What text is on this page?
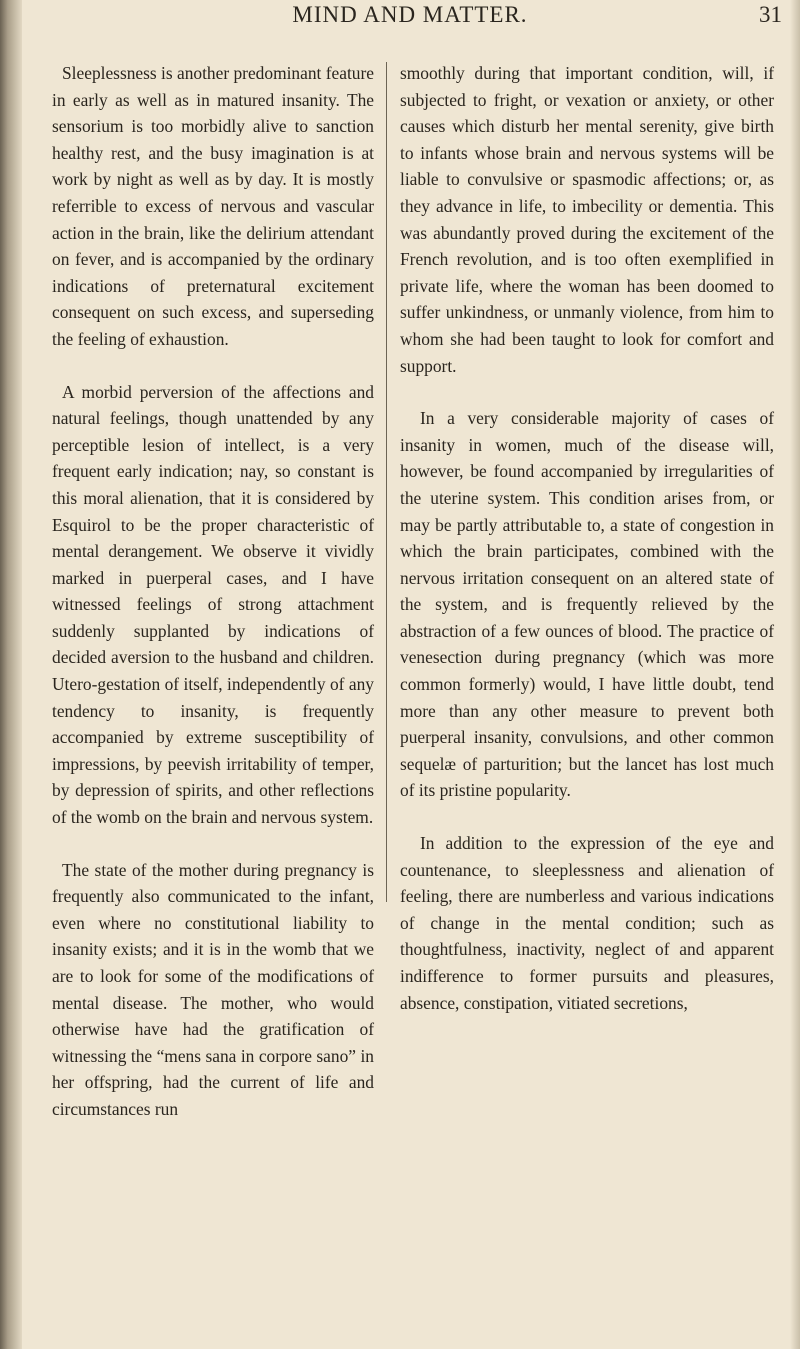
MIND AND MATTER.	31

Sleeplessness is another predominant feature in early as well as in matured insanity. The sensorium is too morbidly alive to sanction healthy rest, and the busy imagination is at work by night as well as by day. It is mostly referrible to excess of nervous and vascular action in the brain, like the delirium attendant on fever, and is accompanied by the ordinary indications of preternatural excitement consequent on such excess, and superseding the feeling of exhaustion.

A morbid perversion of the affections and natural feelings, though unattended by any perceptible lesion of intellect, is a very frequent early indication; nay, so constant is this moral alienation, that it is considered by Esquirol to be the proper characteristic of mental derangement. We observe it vividly marked in puerperal cases, and I have witnessed feelings of strong attachment suddenly supplanted by indications of decided aversion to the husband and children. Utero-gestation of itself, independently of any tendency to insanity, is frequently accompanied by extreme susceptibility of impressions, by peevish irritability of temper, by depression of spirits, and other reflections of the womb on the brain and nervous system.

The state of the mother during pregnancy is frequently also communicated to the infant, even where no constitutional liability to insanity exists; and it is in the womb that we are to look for some of the modifications of mental disease. The mother, who would otherwise have had the gratification of witnessing the “mens sana in corpore sano” in her offspring, had the current of life and circumstances run

smoothly during that important condition, will, if subjected to fright, or vexation or anxiety, or other causes which disturb her mental serenity, give birth to infants whose brain and nervous systems will be liable to convulsive or spasmodic affections; or, as they advance in life, to imbecility or dementia. This was abundantly proved during the excitement of the French revolution, and is too often exemplified in private life, where the woman has been doomed to suffer unkindness, or unmanly violence, from him to whom she had been taught to look for comfort and support.

In a very considerable majority of cases of insanity in women, much of the disease will, however, be found accompanied by irregularities of the uterine system. This condition arises from, or may be partly attributable to, a state of congestion in which the brain participates, combined with the nervous irritation consequent on an altered state of the system, and is frequently relieved by the abstraction of a few ounces of blood. The practice of venesection during pregnancy (which was more common formerly) would, I have little doubt, tend more than any other measure to prevent both puerperal insanity, convulsions, and other common sequelæ of parturition; but the lancet has lost much of its pristine popularity.

In addition to the expression of the eye and countenance, to sleeplessness and alienation of feeling, there are numberless and various indications of change in the mental condition; such as thoughtfulness, inactivity, neglect of and apparent indifference to former pursuits and pleasures, absence, constipation, vitiated secretions,
